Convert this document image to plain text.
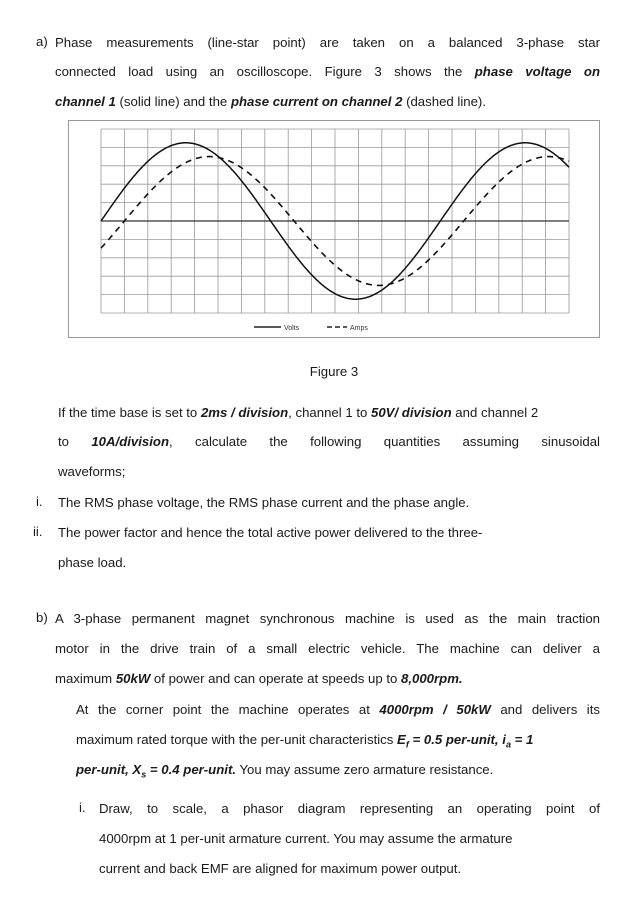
a) Phase measurements (line-star point) are taken on a balanced 3-phase star
connected load using an oscilloscope. Figure 3 shows the phase voltage on
channel 1 (solid line) and the phase current on channel 2 (dashed line).
Volts	Amps
Figure 3
If the time base is set to 2ms / division, channel 1 to 50V/ division and channel 2
to 10A/division, calculate the following quantities assuming sinusoidal
waveforms;
i. The RMS phase voltage, the RMS phase current and the phase angle.
ii. The power factor and hence the total active power delivered to the three-
phase load.
b) A 3-phase permanent magnet synchronous machine is used as the main traction
motor in the drive train of a small electric vehicle. The machine can deliver a
maximum 50kW of power and can operate at speeds up to 8,000rpm.
At the corner point the machine operates at 4000rpm / 50kW and delivers its
maximum rated torque with the per-unit characteristics $E_f = 0.5$ per-unit, $i_a = 1$
per-unit, $X_s = 0.4$ per-unit. You may assume zero armature resistance.
i. Draw, to scale, a phasor diagram representing an operating point of
4000rpm at 1 per-unit armature current. You may assume the armature
current and back EMF are aligned for maximum power output.
